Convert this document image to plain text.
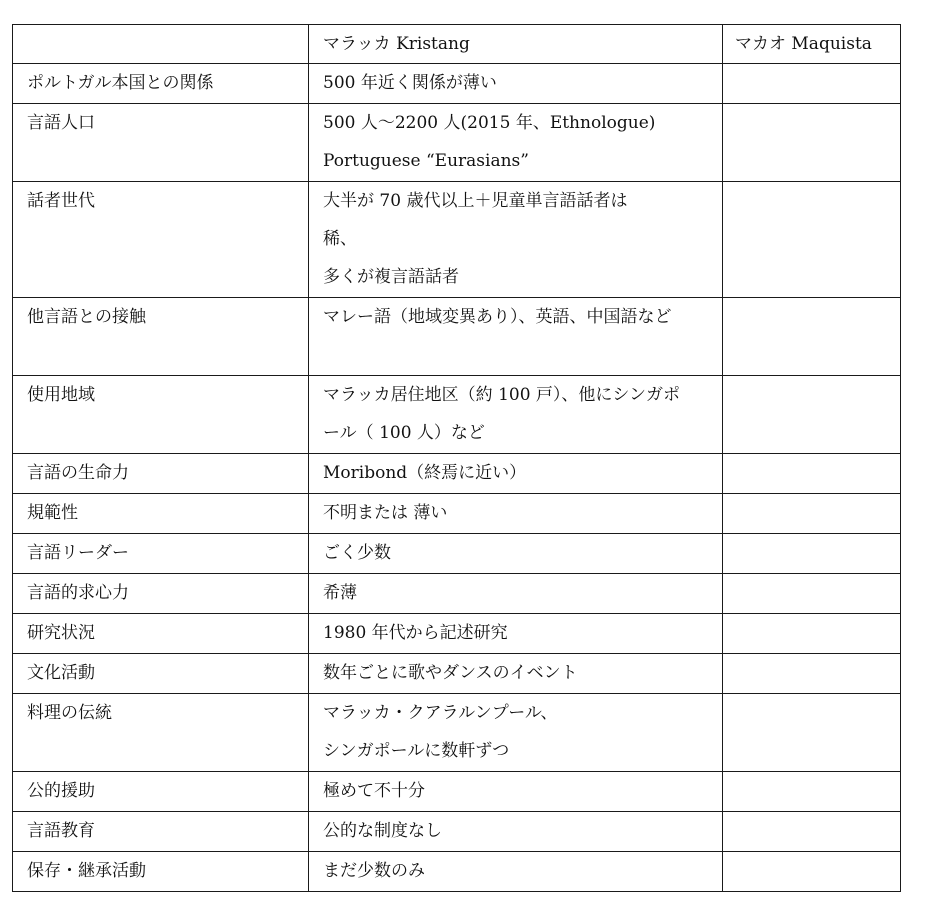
	マラッカ Kristang	マカオ Maquista

ポルトガル本国との関係	500 年近く関係が薄い	

言語人口	500 人〜2200 人(2015 年、Ethnologue)
Portuguese “Eurasians”	

話者世代	大半が 70 歳代以上＋児童単言語話者は
稀、
多くが複言語話者	

他言語との接触	マレー語（地域変異あり）、英語、中国語など	

使用地域	マラッカ居住地区（約 100 戸）、他にシンガポ
ール（ 100 人）など	

言語の生命力	Moribond（終焉に近い）	

規範性	不明または 薄い	

言語リーダー	ごく少数	

言語的求心力	希薄	

研究状況	1980 年代から記述研究	

文化活動	数年ごとに歌やダンスのイベント	

料理の伝統	マラッカ・クアラルンプール、
シンガポールに数軒ずつ	

公的援助	極めて不十分	

言語教育	公的な制度なし	

保存・継承活動	まだ少数のみ	
